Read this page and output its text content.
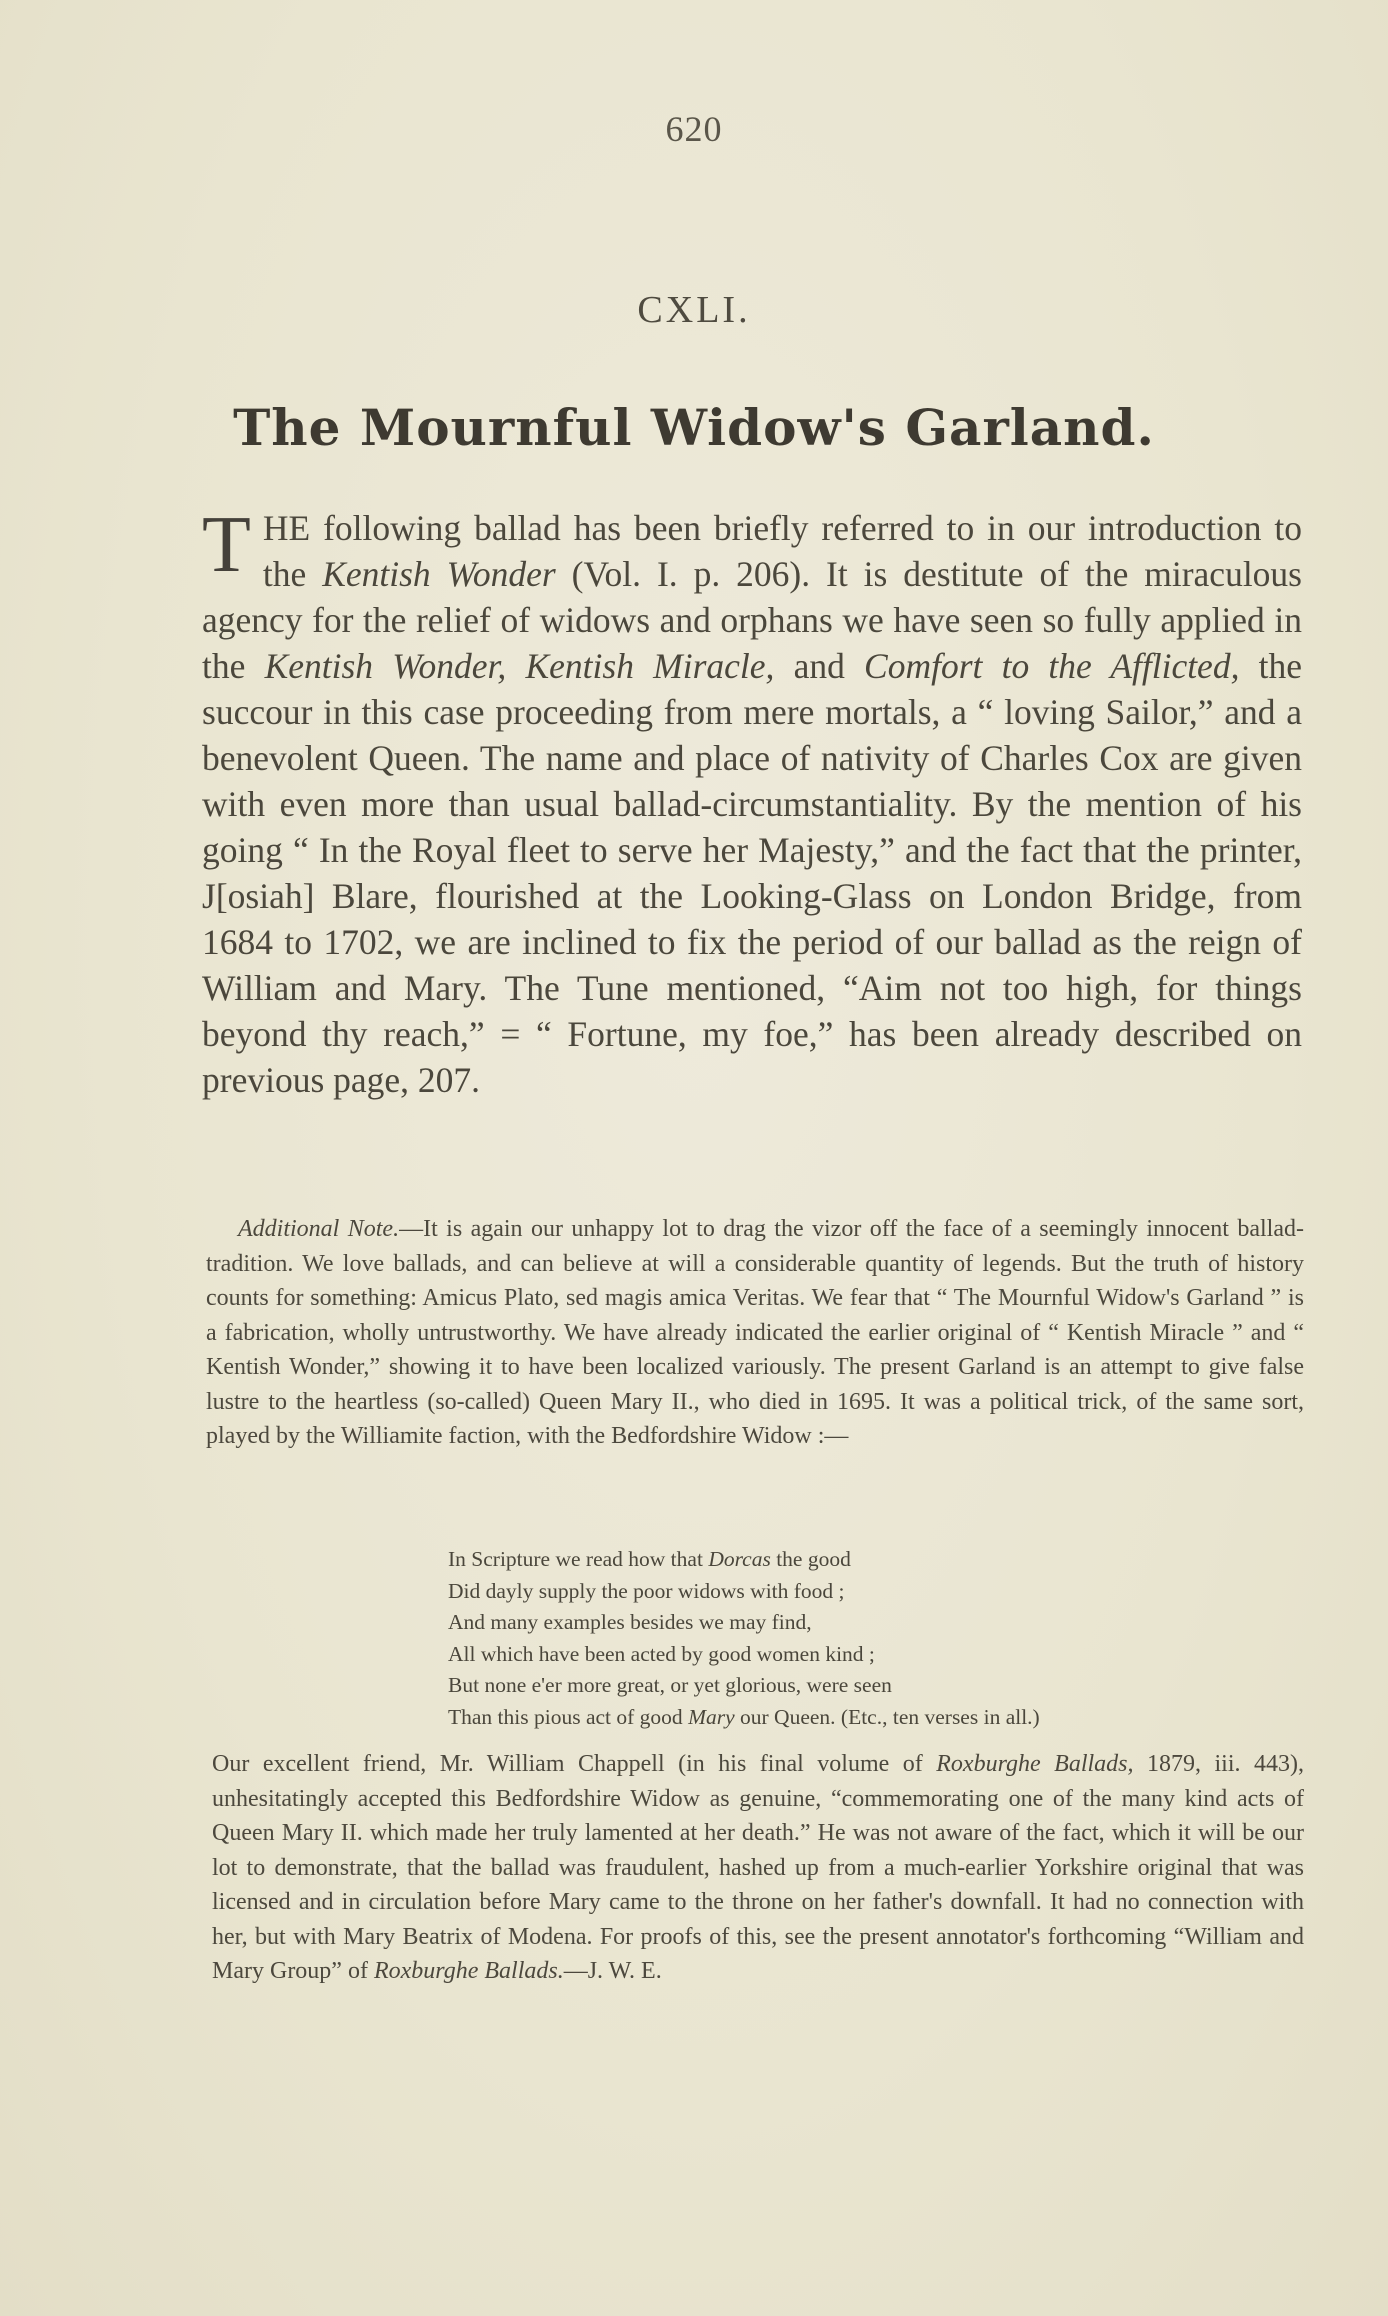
620
CXLI.
The Mournful Widow's Garland.
THE following ballad has been briefly referred to in our introduction to the Kentish Wonder (Vol. I. p. 206). It is destitute of the miraculous agency for the relief of widows and orphans we have seen so fully applied in the Kentish Wonder, Kentish Miracle, and Comfort to the Afflicted, the succour in this case proceeding from mere mortals, a “ loving Sailor,” and a benevolent Queen. The name and place of nativity of Charles Cox are given with even more than usual ballad-circumstantiality. By the mention of his going “ In the Royal fleet to serve her Majesty,” and the fact that the printer, J[osiah] Blare, flourished at the Looking-Glass on London Bridge, from 1684 to 1702, we are inclined to fix the period of our ballad as the reign of William and Mary. The Tune mentioned, “Aim not too high, for things beyond thy reach,” = “ Fortune, my foe,” has been already described on previous page, 207.
Additional Note.—It is again our unhappy lot to drag the vizor off the face of a seemingly innocent ballad-tradition. We love ballads, and can believe at will a considerable quantity of legends. But the truth of history counts for something: Amicus Plato, sed magis amica Veritas. We fear that “ The Mournful Widow's Garland ” is a fabrication, wholly untrustworthy. We have already indicated the earlier original of “ Kentish Miracle ” and “ Kentish Wonder,” showing it to have been localized variously. The present Garland is an attempt to give false lustre to the heartless (so-called) Queen Mary II., who died in 1695. It was a political trick, of the same sort, played by the Williamite faction, with the Bedfordshire Widow :—
In Scripture we read how that Dorcas the good
Did dayly supply the poor widows with food ;
And many examples besides we may find,
All which have been acted by good women kind ;
But none e'er more great, or yet glorious, were seen
Than this pious act of good Mary our Queen. (Etc., ten verses in all.)
Our excellent friend, Mr. William Chappell (in his final volume of Roxburghe Ballads, 1879, iii. 443), unhesitatingly accepted this Bedfordshire Widow as genuine, “commemorating one of the many kind acts of Queen Mary II. which made her truly lamented at her death.” He was not aware of the fact, which it will be our lot to demonstrate, that the ballad was fraudulent, hashed up from a much-earlier Yorkshire original that was licensed and in circulation before Mary came to the throne on her father's downfall. It had no connection with her, but with Mary Beatrix of Modena. For proofs of this, see the present annotator's forthcoming “William and Mary Group” of Roxburghe Ballads.—J. W. E.
